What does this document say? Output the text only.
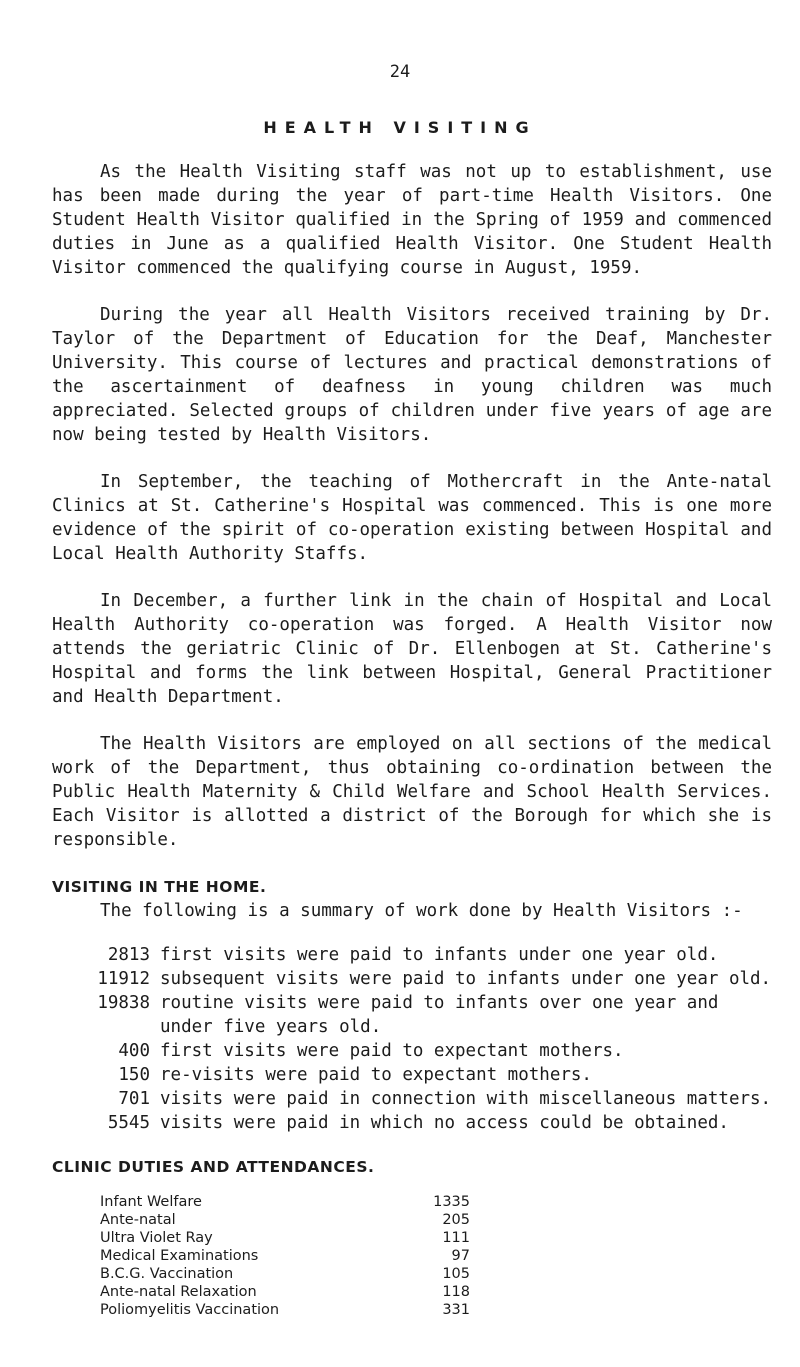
24
HEALTH VISITING

As the Health Visiting staff was not up to establishment, use has been made during the year of part-time Health Visitors. One Student Health Visitor qualified in the Spring of 1959 and commenced duties in June as a qualified Health Visitor. One Student Health Visitor commenced the qualifying course in August, 1959.

During the year all Health Visitors received training by Dr. Taylor of the Department of Education for the Deaf, Manchester University. This course of lectures and practical demonstrations of the ascertainment of deafness in young children was much appreciated. Selected groups of children under five years of age are now being tested by Health Visitors.

In September, the teaching of Mothercraft in the Ante-natal Clinics at St. Catherine's Hospital was commenced. This is one more evidence of the spirit of co-operation existing between Hospital and Local Health Authority Staffs.

In December, a further link in the chain of Hospital and Local Health Authority co-operation was forged. A Health Visitor now attends the geriatric Clinic of Dr. Ellenbogen at St. Catherine's Hospital and forms the link between Hospital, General Practitioner and Health Department.

The Health Visitors are employed on all sections of the medical work of the Department, thus obtaining co-ordination between the Public Health Maternity & Child Welfare and School Health Services. Each Visitor is allotted a district of the Borough for which she is responsible.

VISITING IN THE HOME.
The following is a summary of work done by Health Visitors :-
2813 first visits were paid to infants under one year old.
11912 subsequent visits were paid to infants under one year old.
19838 routine visits were paid to infants over one year and under five years old.
400 first visits were paid to expectant mothers.
150 re-visits were paid to expectant mothers.
701 visits were paid in connection with miscellaneous matters.
5545 visits were paid in which no access could be obtained.
CLINIC DUTIES AND ATTENDANCES.
Infant Welfare	1335
Ante-natal	205
Ultra Violet Ray	111
Medical Examinations	97
B.C.G. Vaccination	105
Ante-natal Relaxation	118
Poliomyelitis Vaccination	331
